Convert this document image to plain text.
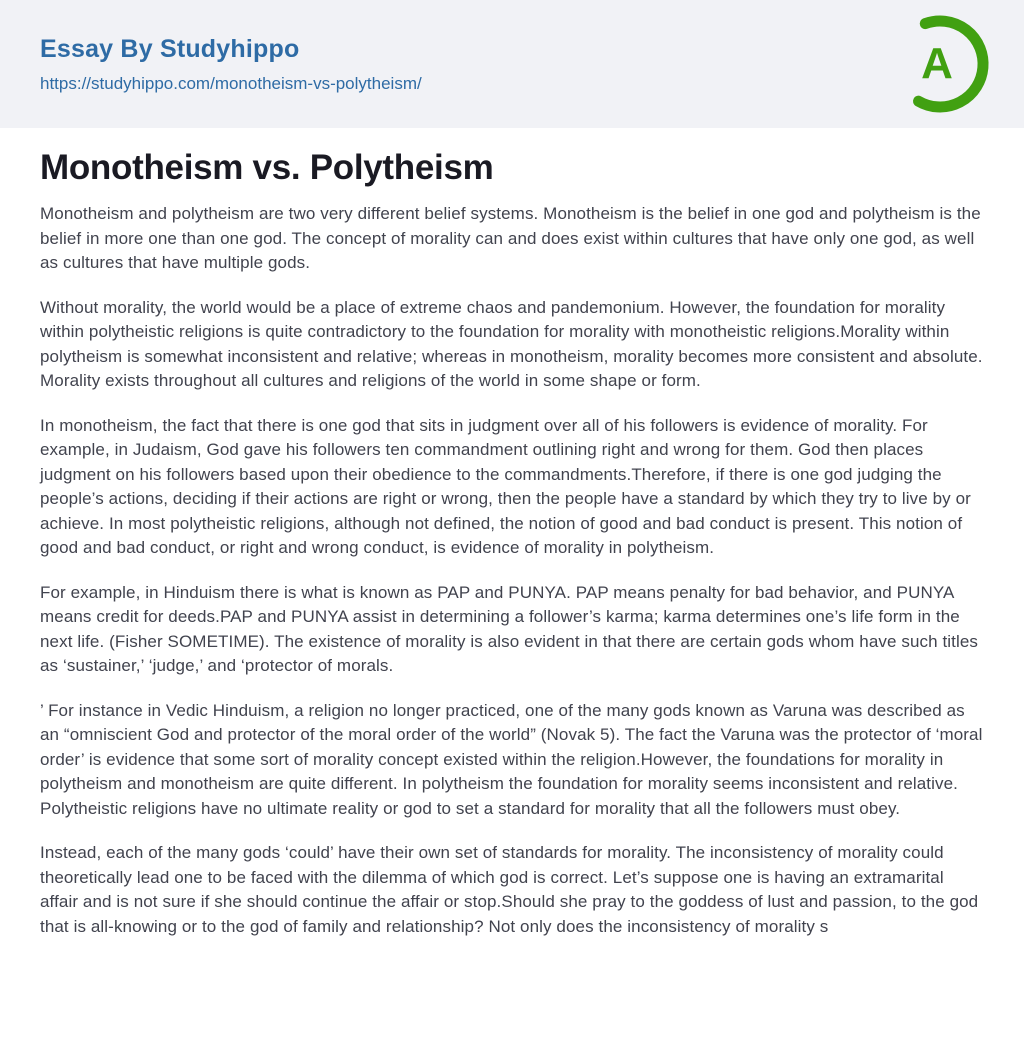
Essay By Studyhippo
https://studyhippo.com/monotheism-vs-polytheism/	A
Monotheism vs. Polytheism

Monotheism and polytheism are two very different belief systems. Monotheism is the belief in one god and polytheism is the belief in more one than one god. The concept of morality can and does exist within cultures that have only one god, as well as cultures that have multiple gods.

Without morality, the world would be a place of extreme chaos and pandemonium. However, the foundation for morality within polytheistic religions is quite contradictory to the foundation for morality with monotheistic religions.Morality within polytheism is somewhat inconsistent and relative; whereas in monotheism, morality becomes more consistent and absolute. Morality exists throughout all cultures and religions of the world in some shape or form.

In monotheism, the fact that there is one god that sits in judgment over all of his followers is evidence of morality. For example, in Judaism, God gave his followers ten commandment outlining right and wrong for them. God then places judgment on his followers based upon their obedience to the commandments.Therefore, if there is one god judging the people’s actions, deciding if their actions are right or wrong, then the people have a standard by which they try to live by or achieve. In most polytheistic religions, although not defined, the notion of good and bad conduct is present. This notion of good and bad conduct, or right and wrong conduct, is evidence of morality in polytheism.

For example, in Hinduism there is what is known as PAP and PUNYA. PAP means penalty for bad behavior, and PUNYA means credit for deeds.PAP and PUNYA assist in determining a follower’s karma; karma determines one’s life form in the next life. (Fisher SOMETIME). The existence of morality is also evident in that there are certain gods whom have such titles as ‘sustainer,’ ‘judge,’ and ‘protector of morals.

’ For instance in Vedic Hinduism, a religion no longer practiced, one of the many gods known as Varuna was described as an “omniscient God and protector of the moral order of the world” (Novak 5). The fact the Varuna was the protector of ‘moral order’ is evidence that some sort of morality concept existed within the religion.However, the foundations for morality in polytheism and monotheism are quite different. In polytheism the foundation for morality seems inconsistent and relative. Polytheistic religions have no ultimate reality or god to set a standard for morality that all the followers must obey.

Instead, each of the many gods ‘could’ have their own set of standards for morality. The inconsistency of morality could theoretically lead one to be faced with the dilemma of which god is correct. Let’s suppose one is having an extramarital affair and is not sure if she should continue the affair or stop.Should she pray to the goddess of lust and passion, to the god that is all-knowing or to the god of family and relationship? Not only does the inconsistency of morality s
